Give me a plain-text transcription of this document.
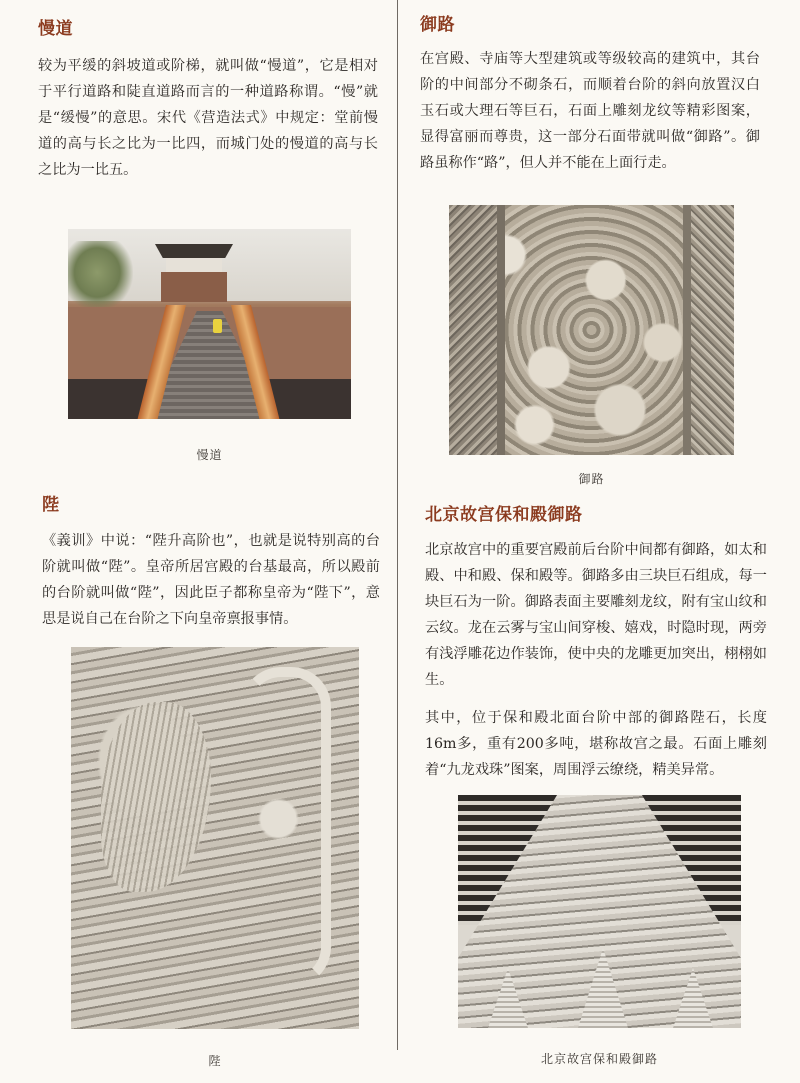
慢道

较为平缓的斜坡道或阶梯，就叫做“慢道”，它是相对于平行道路和陡直道路而言的一种道路称谓。“慢”就是“缓慢”的意思。宋代《营造法式》中规定：堂前慢道的高与长之比为一比四，而城门处的慢道的高与长之比为一比五。

慢道
陛

《義训》中说：“陛升高阶也”，也就是说特别高的台阶就叫做“陛”。皇帝所居宫殿的台基最高，所以殿前的台阶就叫做“陛”，因此臣子都称皇帝为“陛下”，意思是说自己在台阶之下向皇帝禀报事情。

陛
御路

在宫殿、寺庙等大型建筑或等级较高的建筑中，其台阶的中间部分不砌条石，而顺着台阶的斜向放置汉白玉石或大理石等巨石，石面上雕刻龙纹等精彩图案，显得富丽而尊贵，这一部分石面带就叫做“御路”。御路虽称作“路”，但人并不能在上面行走。

御路
北京故宫保和殿御路

北京故宫中的重要宫殿前后台阶中间都有御路，如太和殿、中和殿、保和殿等。御路多由三块巨石组成，每一块巨石为一阶。御路表面主要雕刻龙纹，附有宝山纹和云纹。龙在云雾与宝山间穿梭、嬉戏，时隐时现，两旁有浅浮雕花边作装饰，使中央的龙雕更加突出，栩栩如生。

其中，位于保和殿北面台阶中部的御路陛石，长度16m多，重有200多吨，堪称故宫之最。石面上雕刻着“九龙戏珠”图案，周围浮云缭绕，精美异常。

北京故宫保和殿御路
